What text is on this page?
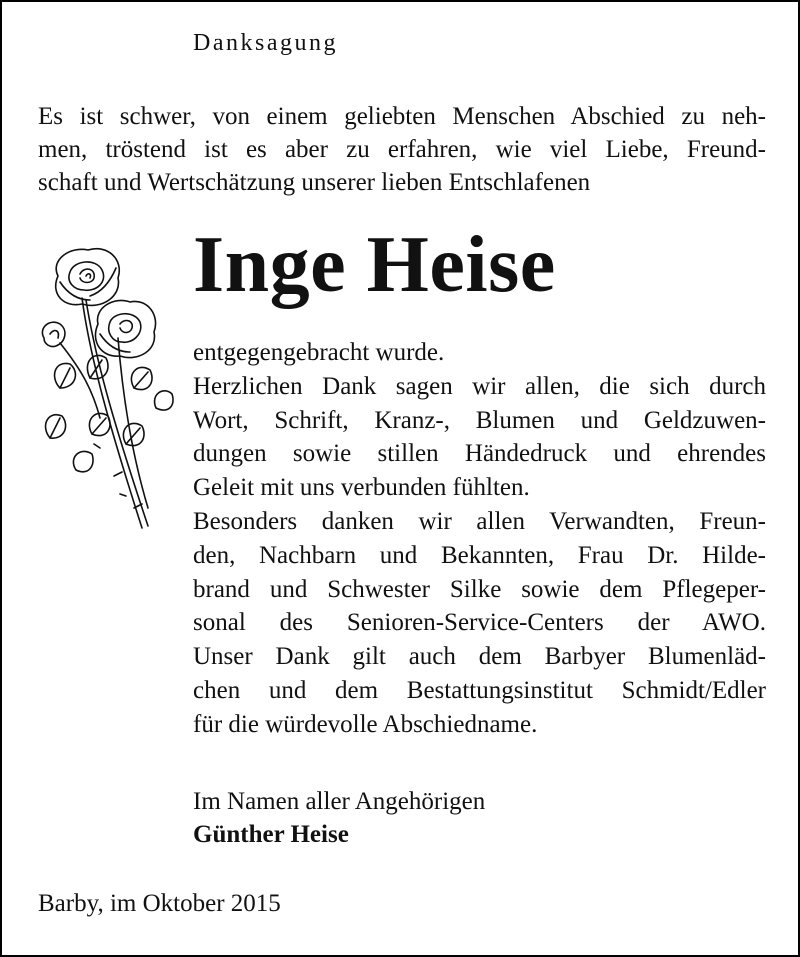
Danksagung
Es ist schwer, von einem geliebten Menschen Abschied zu neh-
men, tröstend ist es aber zu erfahren, wie viel Liebe, Freund-
schaft und Wertschätzung unserer lieben Entschlafenen
Inge Heise
entgegengebracht wurde.
Herzlichen Dank sagen wir allen, die sich durch
Wort, Schrift, Kranz-, Blumen und Geldzuwen-
dungen sowie stillen Händedruck und ehrendes
Geleit mit uns verbunden fühlten.
Besonders danken wir allen Verwandten, Freun-
den, Nachbarn und Bekannten, Frau Dr. Hilde-
brand und Schwester Silke sowie dem Pflegeper-
sonal des Senioren-Service-Centers der AWO.
Unser Dank gilt auch dem Barbyer Blumenläd-
chen und dem Bestattungsinstitut Schmidt/Edler
für die würdevolle Abschiedname.
Im Namen aller Angehörigen
Günther Heise
Barby, im Oktober 2015
